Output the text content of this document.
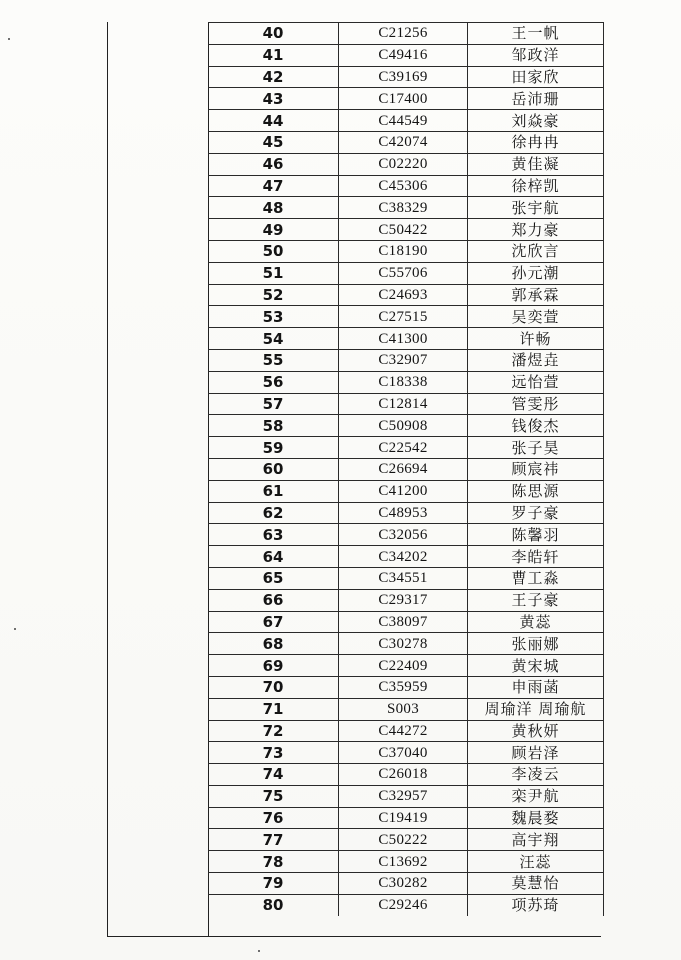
40	C21256	王一帆
41	C49416	邹政洋
42	C39169	田家欣
43	C17400	岳沛珊
44	C44549	刘焱豪
45	C42074	徐冉冉
46	C02220	黄佳凝
47	C45306	徐梓凯
48	C38329	张宇航
49	C50422	郑力豪
50	C18190	沈欣言
51	C55706	孙元潮
52	C24693	郭承霖
53	C27515	吴奕萱
54	C41300	许畅
55	C32907	潘煜垚
56	C18338	远怡萱
57	C12814	管雯彤
58	C50908	钱俊杰
59	C22542	张子昊
60	C26694	顾宸祎
61	C41200	陈思源
62	C48953	罗子豪
63	C32056	陈馨羽
64	C34202	李皓轩
65	C34551	曹工淼
66	C29317	王子豪
67	C38097	黄蕊
68	C30278	张丽娜
69	C22409	黄宋城
70	C35959	申雨菡
71	S003	周瑜洋 周瑜航
72	C44272	黄秋妍
73	C37040	顾岩泽
74	C26018	李凌云
75	C32957	栾尹航
76	C19419	魏晨婺
77	C50222	高宇翔
78	C13692	汪蕊
79	C30282	莫慧怡
80	C29246	项苏琦
